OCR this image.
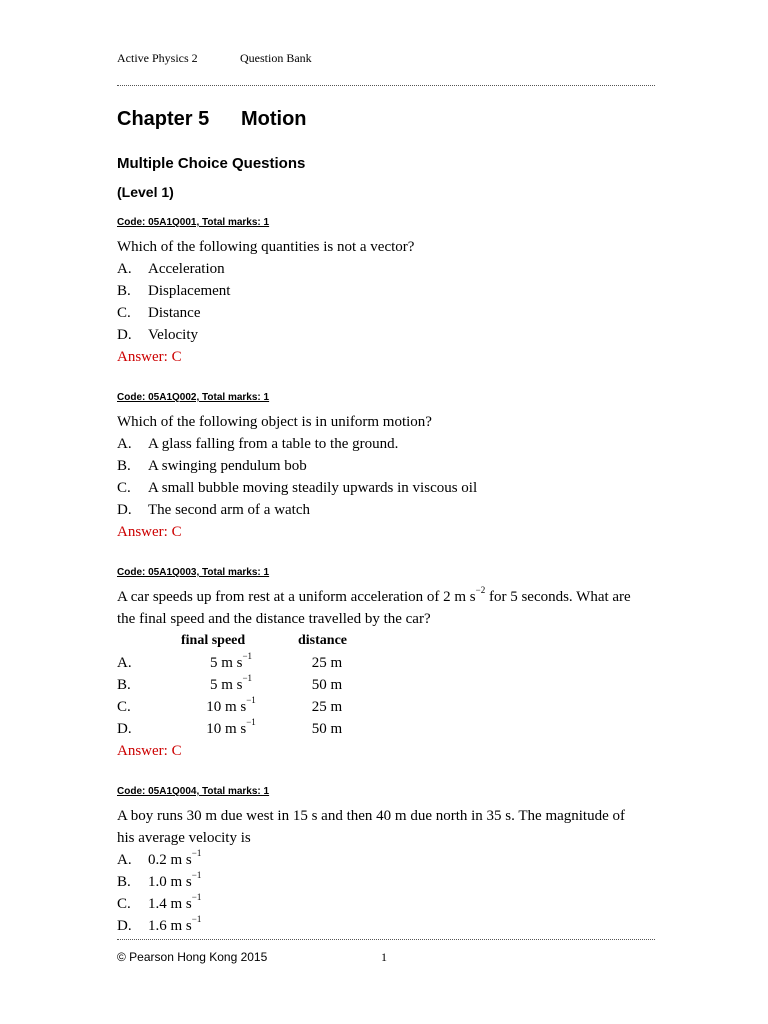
Active Physics 2	Question Bank
Chapter 5 Motion
Multiple Choice Questions
(Level 1)
Code: 05A1Q001, Total marks: 1
Which of the following quantities is not a vector?
A. Acceleration
B. Displacement
C. Distance
D. Velocity
Answer: C
Code: 05A1Q002, Total marks: 1
Which of the following object is in uniform motion?
A. A glass falling from a table to the ground.
B. A swinging pendulum bob
C. A small bubble moving steadily upwards in viscous oil
D. The second arm of a watch
Answer: C
Code: 05A1Q003, Total marks: 1
A car speeds up from rest at a uniform acceleration of 2 m $s^{-2}$ for 5 seconds. What are
the final speed and the distance travelled by the car?
final speed	distance
A.	5 m $s^{-1}$	25 m
B.	5 m $s^{-1}$	50 m
C.	10 m $s^{-1}$	25 m
D.	10 m $s^{-1}$	50 m
Answer: C
Code: 05A1Q004, Total marks: 1
A boy runs 30 m due west in 15 s and then 40 m due north in 35 s. The magnitude of
his average velocity is
A. 0.2 m $s^{-1}$
B. 1.0 m $s^{-1}$
C. 1.4 m $s^{-1}$
D. 1.6 m $s^{-1}$
© Pearson Hong Kong 2015	1
